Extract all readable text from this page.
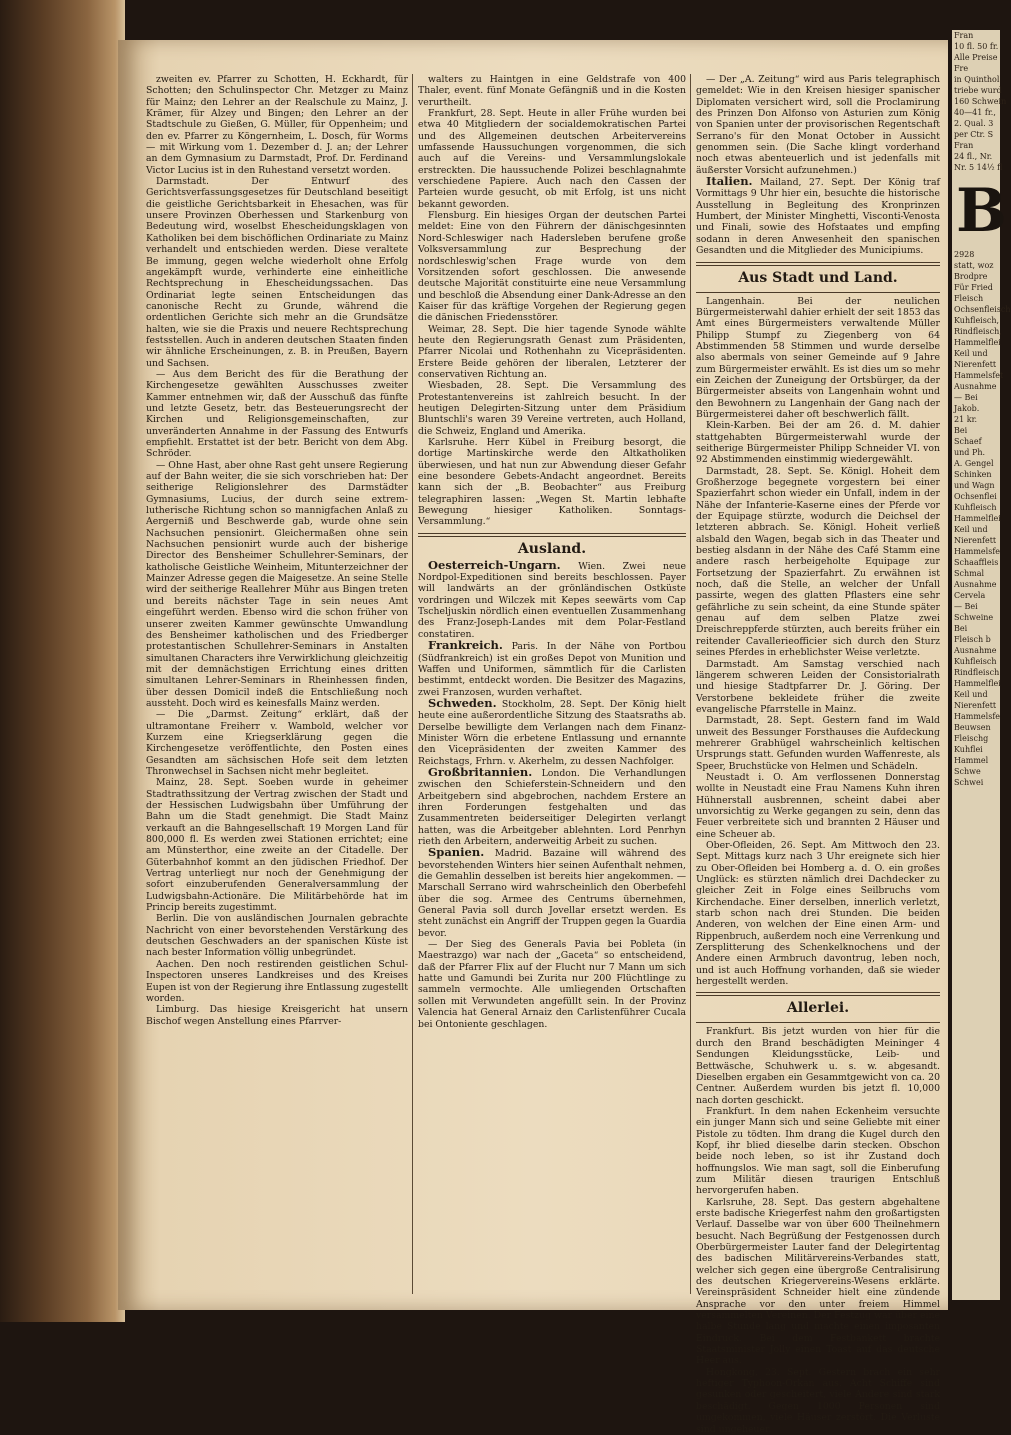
zweiten ev. Pfarrer zu Schotten, H. Eckhardt, für Schotten; den Schulinspector Chr. Metzger zu Mainz für Mainz; den Lehrer an der Realschule zu Mainz, J. Krämer, für Alzey und Bingen; den Lehrer an der Stadtschule zu Gießen, G. Müller, für Oppenheim; und den ev. Pfarrer zu Köngernheim, L. Dosch, für Worms — mit Wirkung vom 1. Dezember d. J. an; der Lehrer an dem Gymnasium zu Darmstadt, Prof. Dr. Ferdinand Victor Lucius ist in den Ruhestand versetzt worden.

Darmstadt. Der Entwurf des Gerichtsverfassungsgesetzes für Deutschland beseitigt die geistliche Gerichtsbarkeit in Ehesachen, was für unsere Provinzen Oberhessen und Starkenburg von Bedeutung wird, woselbst Ehescheidungsklagen von Katholiken bei dem bischöflichen Ordinariate zu Mainz verhandelt und entschieden werden. Diese veraltete Be immung, gegen welche wiederholt ohne Erfolg angekämpft wurde, verhinderte eine einheitliche Rechtsprechung in Ehescheidungssachen. Das Ordinariat legte seinen Entscheidungen das canonische Recht zu Grunde, während die ordentlichen Gerichte sich mehr an die Grundsätze halten, wie sie die Praxis und neuere Rechtsprechung festsstellen. Auch in anderen deutschen Staaten finden wir ähnliche Erscheinungen, z. B. in Preußen, Bayern und Sachsen.

— Aus dem Bericht des für die Berathung der Kirchengesetze gewählten Ausschusses zweiter Kammer entnehmen wir, daß der Ausschuß das fünfte und letzte Gesetz, betr. das Besteuerungsrecht der Kirchen und Religionsgemeinschaften, zur unveränderten Annahme in der Fassung des Entwurfs empfiehlt. Erstattet ist der betr. Bericht von dem Abg. Schröder.

— Ohne Hast, aber ohne Rast geht unsere Regierung auf der Bahn weiter, die sie sich vorschrieben hat: Der seitherige Religionslehrer des Darmstädter Gymnasiums, Lucius, der durch seine extrem-lutherische Richtung schon so mannigfachen Anlaß zu Aergerniß und Beschwerde gab, wurde ohne sein Nachsuchen pensionirt. Gleichermaßen ohne sein Nachsuchen pensionirt wurde auch der bisherige Director des Bensheimer Schullehrer-Seminars, der katholische Geistliche Weinheim, Mitunterzeichner der Mainzer Adresse gegen die Maigesetze. An seine Stelle wird der seitherige Reallehrer Mühr aus Bingen treten und bereits nächster Tage in sein neues Amt eingeführt werden. Ebenso wird die schon früher von unserer zweiten Kammer gewünschte Umwandlung des Bensheimer katholischen und des Friedberger protestantischen Schullehrer-Seminars in Anstalten simultanen Characters ihre Verwirklichung gleichzeitig mit der demnächstigen Errichtung eines dritten simultanen Lehrer-Seminars in Rheinhessen finden, über dessen Domicil indeß die Entschließung noch aussteht. Doch wird es keinesfalls Mainz werden.

— Die „Darmst. Zeitung“ erklärt, daß der ultramontane Freiherr v. Wambold, welcher vor Kurzem eine Kriegserklärung gegen die Kirchengesetze veröffentlichte, den Posten eines Gesandten am sächsischen Hofe seit dem letzten Thronwechsel in Sachsen nicht mehr begleitet.

Mainz, 28. Sept. Soeben wurde in geheimer Stadtrathssitzung der Vertrag zwischen der Stadt und der Hessischen Ludwigsbahn über Umführung der Bahn um die Stadt genehmigt. Die Stadt Mainz verkauft an die Bahngesellschaft 19 Morgen Land für 800,000 fl. Es werden zwei Stationen errichtet; eine am Münsterthor, eine zweite an der Citadelle. Der Güterbahnhof kommt an den jüdischen Friedhof. Der Vertrag unterliegt nur noch der Genehmigung der sofort einzuberufenden Generalversammlung der Ludwigsbahn-Actionäre. Die Militärbehörde hat im Princip bereits zugestimmt.

Berlin. Die von ausländischen Journalen gebrachte Nachricht von einer bevorstehenden Verstärkung des deutschen Geschwaders an der spanischen Küste ist nach bester Information völlig unbegründet.

Aachen. Den noch restirenden geistlichen Schul-Inspectoren unseres Landkreises und des Kreises Eupen ist von der Regierung ihre Entlassung zugestellt worden.

Limburg. Das hiesige Kreisgericht hat unsern Bischof wegen Anstellung eines Pfarrver-

walters zu Haintgen in eine Geldstrafe von 400 Thaler, event. fünf Monate Gefängniß und in die Kosten verurtheilt.

Frankfurt, 28. Sept. Heute in aller Frühe wurden bei etwa 40 Mitgliedern der socialdemokratischen Partei und des Allgemeinen deutschen Arbeitervereins umfassende Haussuchungen vorgenommen, die sich auch auf die Vereins- und Versammlungslokale erstreckten. Die haussuchende Polizei beschlagnahmte verschiedene Papiere. Auch nach den Cassen der Parteien wurde gesucht, ob mit Erfolg, ist uns nicht bekannt geworden.

Flensburg. Ein hiesiges Organ der deutschen Partei meldet: Eine von den Führern der dänischgesinnten Nord-Schleswiger nach Hadersleben berufene große Volksversammlung zur Besprechung der nordschleswig'schen Frage wurde von dem Vorsitzenden sofort geschlossen. Die anwesende deutsche Majorität constituirte eine neue Versammlung und beschloß die Absendung einer Dank-Adresse an den Kaiser für das kräftige Vorgehen der Regierung gegen die dänischen Friedensstörer.

Weimar, 28. Sept. Die hier tagende Synode wählte heute den Regierungsrath Genast zum Präsidenten, Pfarrer Nicolai und Rothenhahn zu Vicepräsidenten. Erstere Beide gehören der liberalen, Letzterer der conservativen Richtung an.

Wiesbaden, 28. Sept. Die Versammlung des Protestantenvereins ist zahlreich besucht. In der heutigen Delegirten-Sitzung unter dem Präsidium Bluntschli's waren 39 Vereine vertreten, auch Holland, die Schweiz, England und Amerika.

Karlsruhe. Herr Kübel in Freiburg besorgt, die dortige Martinskirche werde den Altkatholiken überwiesen, und hat nun zur Abwendung dieser Gefahr eine besondere Gebets-Andacht angeordnet. Bereits kann sich der „B. Beobachter“ aus Freiburg telegraphiren lassen: „Wegen St. Martin lebhafte Bewegung hiesiger Katholiken. Sonntags-Versammlung.“

Ausland.

Oesterreich-Ungarn. Wien. Zwei neue Nordpol-Expeditionen sind bereits beschlossen. Payer will landwärts an der grönländischen Ostküste vordringen und Wilczek mit Kepes seewärts vom Cap Tscheljuskin nördlich einen eventuellen Zusammenhang des Franz-Joseph-Landes mit dem Polar-Festland constatiren.

Frankreich. Paris. In der Nähe von Portbou (Südfrankreich) ist ein großes Depot von Munition und Waffen und Uniformen, sämmtlich für die Carlisten bestimmt, entdeckt worden. Die Besitzer des Magazins, zwei Franzosen, wurden verhaftet.

Schweden. Stockholm, 28. Sept. Der König hielt heute eine außerordentliche Sitzung des Staatsraths ab. Derselbe bewilligte dem Verlangen nach dem Finanz-Minister Wörn die erbetene Entlassung und ernannte den Vicepräsidenten der zweiten Kammer des Reichstags, Frhrn. v. Akerhelm, zu dessen Nachfolger.

Großbritannien. London. Die Verhandlungen zwischen den Schieferstein-Schneidern und den Arbeitgebern sind abgebrochen, nachdem Erstere an ihren Forderungen festgehalten und das Zusammentreten beiderseitiger Delegirten verlangt hatten, was die Arbeitgeber ablehnten. Lord Penrhyn rieth den Arbeitern, anderweitig Arbeit zu suchen.

Spanien. Madrid. Bazaine will während des bevorstehenden Winters hier seinen Aufenthalt nehmen, die Gemahlin desselben ist bereits hier angekommen. — Marschall Serrano wird wahrscheinlich den Oberbefehl über die sog. Armee des Centrums übernehmen, General Pavia soll durch Jovellar ersetzt werden. Es steht zunächst ein Angriff der Truppen gegen la Guardia bevor.

— Der Sieg des Generals Pavia bei Pobleta (in Maestrazgo) war nach der „Gaceta“ so entscheidend, daß der Pfarrer Flix auf der Flucht nur 7 Mann um sich hatte und Gamundi bei Zurita nur 200 Flüchtlinge zu sammeln vermochte. Alle umliegenden Ortschaften sollen mit Verwundeten angefüllt sein. In der Provinz Valencia hat General Arnaiz den Carlistenführer Cucala bei Ontoniente geschlagen.

— Der „A. Zeitung“ wird aus Paris telegraphisch gemeldet: Wie in den Kreisen hiesiger spanischer Diplomaten versichert wird, soll die Proclamirung des Prinzen Don Alfonso von Asturien zum König von Spanien unter der provisorischen Regentschaft Serrano's für den Monat October in Aussicht genommen sein. (Die Sache klingt vorderhand noch etwas abenteuerlich und ist jedenfalls mit äußerster Vorsicht aufzunehmen.)

Italien. Mailand, 27. Sept. Der König traf Vormittags 9 Uhr hier ein, besuchte die historische Ausstellung in Begleitung des Kronprinzen Humbert, der Minister Minghetti, Visconti-Venosta und Finali, sowie des Hofstaates und empfing sodann in deren Anwesenheit den spanischen Gesandten und die Mitglieder des Municipiums.

Aus Stadt und Land.

Langenhain. Bei der neulichen Bürgermeisterwahl dahier erhielt der seit 1853 das Amt eines Bürgermeisters verwaltende Müller Philipp Stumpf zu Ziegenberg von 64 Abstimmenden 58 Stimmen und wurde derselbe also abermals von seiner Gemeinde auf 9 Jahre zum Bürgermeister erwählt. Es ist dies um so mehr ein Zeichen der Zuneigung der Ortsbürger, da der Bürgermeister abseits von Langenhain wohnt und den Bewohnern zu Langenhain der Gang nach der Bürgermeisterei daher oft beschwerlich fällt.

Klein-Karben. Bei der am 26. d. M. dahier stattgehabten Bürgermeisterwahl wurde der seitherige Bürgermeister Philipp Schneider VI. von 92 Abstimmenden einstimmig wiedergewählt.

Darmstadt, 28. Sept. Se. Königl. Hoheit dem Großherzoge begegnete vorgestern bei einer Spazierfahrt schon wieder ein Unfall, indem in der Nähe der Infanterie-Kaserne eines der Pferde vor der Equipage stürzte, wodurch die Deichsel der letzteren abbrach. Se. Königl. Hoheit verließ alsbald den Wagen, begab sich in das Theater und bestieg alsdann in der Nähe des Café Stamm eine andere rasch herbeigeholte Equipage zur Fortsetzung der Spazierfahrt. Zu erwähnen ist noch, daß die Stelle, an welcher der Unfall passirte, wegen des glatten Pflasters eine sehr gefährliche zu sein scheint, da eine Stunde später genau auf dem selben Platze zwei Dreischreppferde stürzten, auch bereits früher ein reitender Cavallerieofficier sich durch den Sturz seines Pferdes in erheblichster Weise verletzte.

Darmstadt. Am Samstag verschied nach längerem schweren Leiden der Consistorialrath und hiesige Stadtpfarrer Dr. J. Göring. Der Verstorbene bekleidete früher die zweite evangelische Pfarrstelle in Mainz.

Darmstadt, 28. Sept. Gestern fand im Wald unweit des Bessunger Forsthauses die Aufdeckung mehrerer Grabhügel wahrscheinlich keltischen Ursprungs statt. Gefunden wurden Waffenreste, als Speer, Bruchstücke von Helmen und Schädeln.

Neustadt i. O. Am verflossenen Donnerstag wollte in Neustadt eine Frau Namens Kuhn ihren Hühnerstall ausbrennen, scheint dabei aber unvorsichtig zu Werke gegangen zu sein, denn das Feuer verbreitete sich und brannten 2 Häuser und eine Scheuer ab.

Ober-Ofleiden, 26. Sept. Am Mittwoch den 23. Sept. Mittags kurz nach 3 Uhr ereignete sich hier zu Ober-Ofleiden bei Homberg a. d. O. ein großes Unglück: es stürzten nämlich drei Dachdecker zu gleicher Zeit in Folge eines Seilbruchs vom Kirchendache. Einer derselben, innerlich verletzt, starb schon nach drei Stunden. Die beiden Anderen, von welchen der Eine einen Arm- und Rippenbruch, außerdem noch eine Verrenkung und Zersplitterung des Schenkelknochens und der Andere einen Armbruch davontrug, leben noch, und ist auch Hoffnung vorhanden, daß sie wieder hergestellt werden.

Allerlei.

Frankfurt. Bis jetzt wurden von hier für die durch den Brand beschädigten Meininger 4 Sendungen Kleidungsstücke, Leib- und Bettwäsche, Schuhwerk u. s. w. abgesandt. Dieselben ergaben ein Gesammtgewicht von ca. 20 Centner. Außerdem wurden bis jetzt fl. 10,000 nach dorten geschickt.

Frankfurt. In dem nahen Eckenheim versuchte ein junger Mann sich und seine Geliebte mit einer Pistole zu tödten. Ihm drang die Kugel durch den Kopf, ihr blied dieselbe darin stecken. Obschon beide noch leben, so ist ihr Zustand doch hoffnungslos. Wie man sagt, soll die Einberufung zum Militär diesen traurigen Entschluß hervorgerufen haben.

Karlsruhe, 28. Sept. Das gestern abgehaltene erste badische Kriegerfest nahm den großartigsten Verlauf. Dasselbe war von über 600 Theilnehmern besucht. Nach Begrüßung der Festgenossen durch Oberbürgermeister Lauter fand der Delegirtentag des badischen Militärvereins-Verbandes statt, welcher sich gegen eine übergroße Centralisirung des deutschen Kriegervereins-Wesens erklärte. Vereinspräsident Schneider hielt eine zündende Ansprache vor den unter freiem Himmel versammelten Vereinen. Der Festzug war über eine halbe Stunde lang und machte einen imposanten Eindruck. Bei dem Festbankett brachte Staatsminister Jolly einen Toast auf das deutsche Heer aus.

Hongkong, 23. Sept. Gestern brach ein sehr heftiger Typhoon-Orkan aus. Acht Schiffe sind gesunken oder gescheitert, viele Andere sind stark beschädigt. Gegen 1000 Personen sind umgekommen, viele Häuser zerstört. Die Verluste sind ungeheuer.

Fran
10 fl. 50 fr.
Alle Preise
Fre
in Quinthol
triebe wurd
160 Schwein
40—41 fr.,
2. Qual. 3
per Ctr. S
Fran
24 fl., Nr.
Nr. 5 14½ fl
B
2928
statt, woz
Brodpre
Für Fried
Fleisch
Ochsenfleisch
Kuhfleisch,
Rindfleisch,
Hammelflei
Keil und
Nierenfett
Hammelsfet
Ausnahme
— Bei
Jakob.
21 kr.
Bei
Schaef
und Ph.
A. Gengel
Schinken
und Wagn
Ochsenflei
Kuhfleisch
Hammelflei
Keil und
Nierenfett
Hammelsfe
Schaaffleis
Schmal
Ausnahme
Cervela
— Bei
Schweine
Bei
Fleisch b
Ausnahme
Kuhfleisch
Rindfleisch
Hammelflei
Keil und
Nierenfett
Hammelsfe
Beuwsen
Fleischg
Kuhflei
Hammel
Schwe
Schwei
